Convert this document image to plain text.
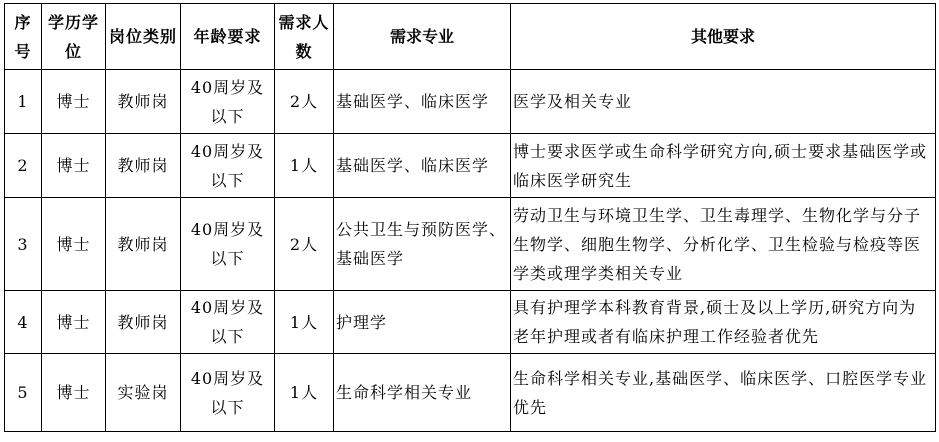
序号	学历学位	岗位类别	年龄要求	需求人数	需求专业	其他要求
1	博士	教师岗	40周岁及以下	2人	基础医学、临床医学	医学及相关专业
2	博士	教师岗	40周岁及以下	1人	基础医学、临床医学	博士要求医学或生命科学研究方向,硕士要求基础医学或临床医学研究生
3	博士	教师岗	40周岁及以下	2人	公共卫生与预防医学、基础医学	劳动卫生与环境卫生学、卫生毒理学、生物化学与分子生物学、细胞生物学、分析化学、卫生检验与检疫等医学类或理学类相关专业
4	博士	教师岗	40周岁及以下	1人	护理学	具有护理学本科教育背景,硕士及以上学历,研究方向为老年护理或者有临床护理工作经验者优先
5	博士	实验岗	40周岁及以下	1人	生命科学相关专业	生命科学相关专业,基础医学、临床医学、口腔医学专业优先
